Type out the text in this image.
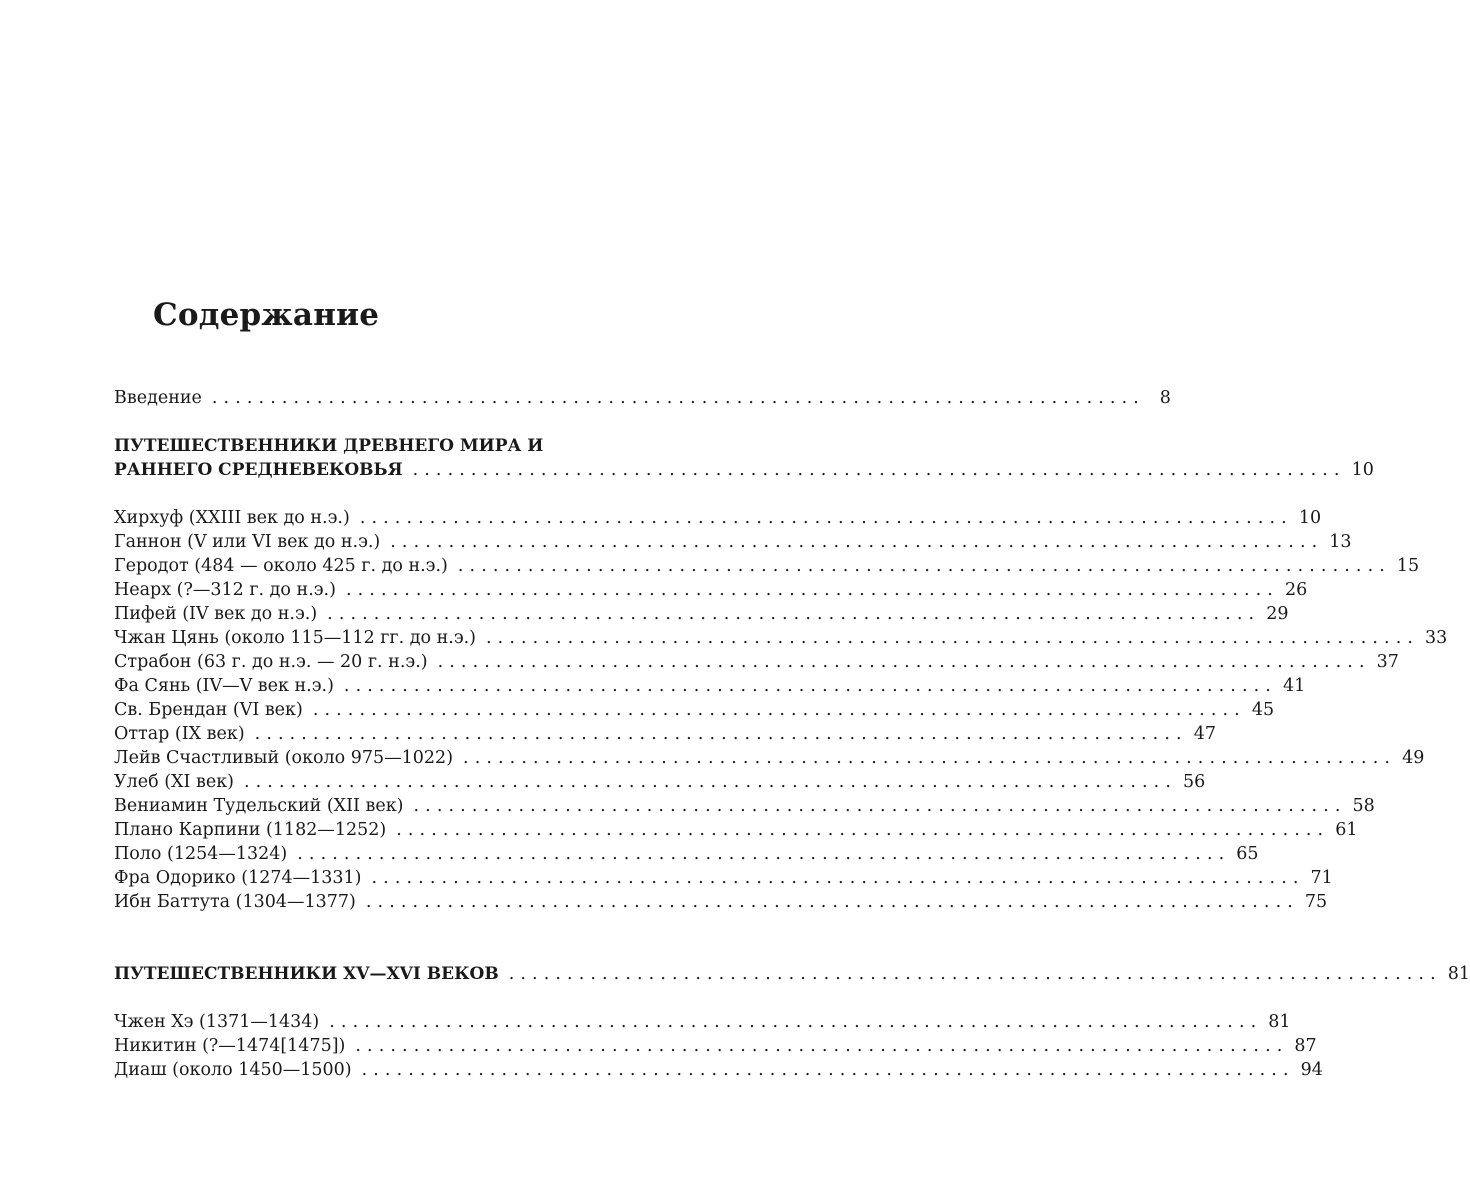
Содержание
Введение ................................................................................ 8
ПУТЕШЕСТВЕННИКИ ДРЕВНЕГО МИРА И
РАННЕГО СРЕДНЕВЕКОВЬЯ ................................................................................ 10
Хирхуф (XXIII век до н.э.) ................................................................................ 10
Ганнон (V или VI век до н.э.) ................................................................................ 13
Геродот (484 — около 425 г. до н.э.) ................................................................................ 15
Неарх (?—312 г. до н.э.) ................................................................................ 26
Пифей (IV век до н.э.) ................................................................................ 29
Чжан Цянь (около 115—112 гг. до н.э.) ................................................................................ 33
Страбон (63 г. до н.э. — 20 г. н.э.) ................................................................................ 37
Фа Сянь (IV—V век н.э.) ................................................................................ 41
Св. Брендан (VI век) ................................................................................ 45
Оттар (IX век) ................................................................................ 47
Лейв Счастливый (около 975—1022) ................................................................................ 49
Улеб (XI век) ................................................................................ 56
Вениамин Тудельский (XII век) ................................................................................ 58
Плано Карпини (1182—1252) ................................................................................ 61
Поло (1254—1324) ................................................................................ 65
Фра Одорико (1274—1331) ................................................................................ 71
Ибн Баттута (1304—1377) ................................................................................ 75
ПУТЕШЕСТВЕННИКИ XV—XVI ВЕКОВ ................................................................................ 81
Чжен Хэ (1371—1434) ................................................................................ 81
Никитин (?—1474[1475]) ................................................................................ 87
Диаш (около 1450—1500) ................................................................................ 94
